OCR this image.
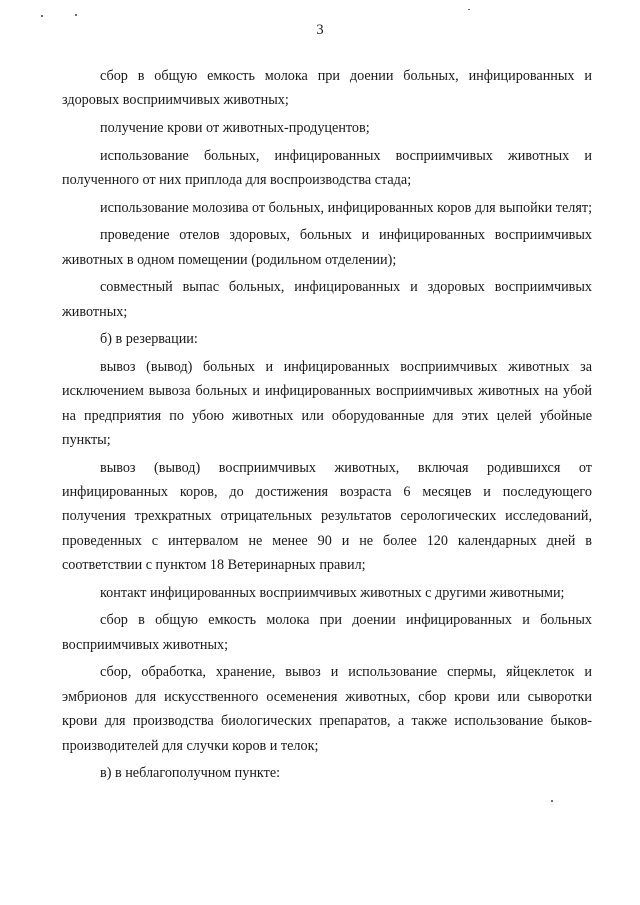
3

сбор в общую емкость молока при доении больных, инфицированных и здоровых восприимчивых животных;

получение крови от животных-продуцентов;

использование больных, инфицированных восприимчивых животных и полученного от них приплода для воспроизводства стада;

использование молозива от больных, инфицированных коров для выпойки телят;

проведение отелов здоровых, больных и инфицированных восприимчивых животных в одном помещении (родильном отделении);

совместный выпас больных, инфицированных и здоровых восприимчивых животных;

б) в резервации:

вывоз (вывод) больных и инфицированных восприимчивых животных за исключением вывоза больных и инфицированных восприимчивых животных на убой на предприятия по убою животных или оборудованные для этих целей убойные пункты;

вывоз (вывод) восприимчивых животных, включая родившихся от инфицированных коров, до достижения возраста 6 месяцев и последующего получения трехкратных отрицательных результатов серологических исследований, проведенных с интервалом не менее 90 и не более 120 календарных дней в соответствии с пунктом 18 Ветеринарных правил;

контакт инфицированных восприимчивых животных с другими животными;

сбор в общую емкость молока при доении инфицированных и больных восприимчивых животных;

сбор, обработка, хранение, вывоз и использование спермы, яйцеклеток и эмбрионов для искусственного осеменения животных, сбор крови или сыворотки крови для производства биологических препаратов, а также использование быков-производителей для случки коров и телок;

в) в неблагополучном пункте:
